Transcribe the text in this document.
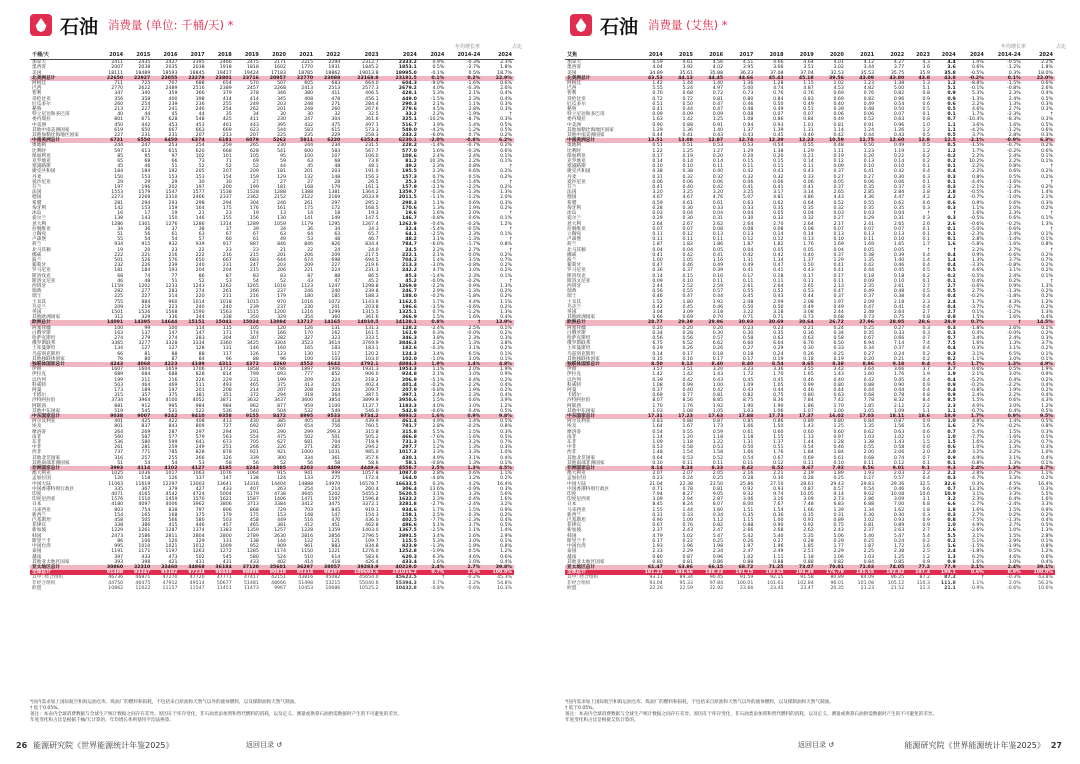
石油 消费量 (单位: 千桶/天) *
年均增长率	占比
千桶/天	2014	2015	2016	2017	2018	2019	2020	2021	2022	2023	2024	2024	2014-24	2024
加拿大	2411	2435	2427	2395	2466	2475	2171	2215	2294	2312.7	2333.2	0.9%	-0.3%	2.3%
墨西哥	2007	2038	2035	2038	1918	1818	1602	1770	1931	1845.2	1853.1	0.5%	-2.7%	1.8%
美国	18111	18489	18593	18845	19417	19424	17183	18785	18862	19013.8	18995.0	-0.1%	0.5%	18.7%
北美洲总计	22650	22927	23055	23278	23801	23716	20957	22770	23088	23168.8	23181.5	0.1%	0.2%	22.9%
阿根廷	711	725	707	688	654	570	507	605	683	664.0	604.3	-9.0%	-1.6%	0.6%
巴西	2770	2622	2489	2516	2389	2457	2268	2413	2513	2577.3	2679.2	4.0%	-0.3%	2.6%
智利	347	340	359	366	379	378	346	380	411	406.5	428.1	5.3%	2.1%	0.4%
哥伦比亚	356	358	400	398	414	414	345	408	478	456.1	449.0	-1.5%	2.3%	0.4%
厄瓜多尔	260	254	239	236	255	249	203	248	271	284.4	290.3	2.1%	1.1%	0.3%
秘鲁	213	227	241	246	254	262	201	248	260	267.6	279.6	4.5%	2.8%	0.3%
特立尼达和多巴哥	40	44	45	44	35	34	30	30	32	32.5	33.2	2.2%	-1.9%	†
委内瑞拉	801	671	628	548	425	411	230	247	304	361.6	325.1	-10.2%	-8.7%	0.3%
中美洲	450	442	453	453	461	443	395	432	475	497.1	516.7	3.9%	1.4%	0.5%
其他中南美洲国家	619	650	667	663	669	623	544	583	615	573.3	549.0	-4.2%	-1.2%	0.5%
其他加勒比海地区国家	227	231	231	207	213	207	225	235	229	258.3	243.2	-6.0%	0.7%	0.2%
中南美洲总计	6731	6550	6450	6374	6181	6079	5262	5811	6220	6353.4	6230.1	-2.0%	-0.8%	6.2%
奥地利	244	247	253	254	259	265	230	244	234	231.5	228.2	-1.4%	-0.7%	0.2%
比利时	597	613	615	620	668	628	541	600	583	567.7	577.0	1.6%	-0.3%	0.6%
保加利亚	85	95	97	102	101	105	95	100	107	106.0	108.6	2.4%	2.4%	0.1%
克罗地亚	65	68	66	73	71	69	59	63	68	73.6	81.2	10.3%	2.2%	0.1%
塞浦路斯	45	46	51	52	52	52	44	45	48	48.1	49.2	2.3%	0.8%	†
捷克共和国	184	184	192	205	207	209	181	201	203	191.0	195.5	2.3%	0.6%	0.2%
丹麦	150	153	153	153	154	159	129	132	148	156.3	157.3	0.7%	0.5%	0.2%
爱沙尼亚	29	29	29	30	30	27	27	27	28	26.5	25.3	-4.5%	-1.4%	†
芬兰	197	196	202	197	200	199	181	168	179	161.3	157.9	-2.1%	-2.2%	0.2%
法国	1553	1579	1547	1577	1538	1528	1288	1388	1381	1364.2	1359.7	-0.3%	-1.3%	1.3%
德国	2273	2269	2310	2466	2337	2362	2152	2122	2169	2033.9	2011.5	-1.1%	-1.2%	2.0%
希腊	281	294	293	298	294	304	246	261	297	295.2	298.3	1.1%	0.6%	0.3%
匈牙利	142	153	159	164	175	176	161	175	172	168.5	170.6	1.3%	1.9%	0.2%
冰岛	16	17	19	21	23	19	13	14	18	19.3	19.6	1.6%	2.0%	†
爱尔兰	138	143	150	146	155	156	130	141	149	147.5	146.7	-0.8%	0.6%	0.1%
意大利	1286	1301	1276	1286	1314	1289	1059	1179	1295	1267.4	1262.9	-0.4%	-0.2%	1.2%
拉脱维亚	34	36	37	38	37	39	34	36	34	34.3	32.4	-5.4%	-0.5%	†
立陶宛	51	56	61	63	67	67	63	64	63	65.7	64.1	-2.5%	2.3%	0.1%
卢森堡	55	54	54	57	60	61	49	53	48	46.7	48.2	3.1%	-1.3%	†
荷兰	934	915	932	939	917	887	846	846	826	834.4	784.7	-6.0%	-1.7%	0.8%
北马其顿	19	20	23	22	23	23	21	22	24	24.0	24.5	2.2%	2.7%	†
挪威	222	221	216	222	216	215	201	206	209	217.5	222.1	2.1%	0.0%	0.2%
波兰	501	526	576	650	667	683	644	674	698	694.5	704.2	1.4%	3.5%	0.7%
葡萄牙	232	226	239	240	231	247	203	209	227	219.6	213.3	-3.0%	-0.8%	0.2%
罗马尼亚	181	184	193	204	204	215	206	221	224	231.3	242.2	4.7%	3.0%	0.2%
斯洛伐克	68	74	77	86	87	83	83	87	88	86.5	85.3	-1.4%	2.3%	0.1%
斯洛文尼亚	46	48	51	52	53	54	52	43	47	45.2	45.2	-0.0%	-0.2%	†
西班牙	1159	1202	1233	1243	1262	1265	1016	1123	1247	1298.8	1269.9	-2.2%	0.9%	1.3%
瑞典	282	277	283	274	261	266	237	246	240	239.8	246.7	2.9%	-1.3%	0.2%
瑞士	225	227	214	220	211	216	179	180	185	188.3	188.0	-0.2%	-1.8%	0.2%
土耳其	755	884	960	1014	1018	1015	970	1016	1072	1143.6	1162.5	1.7%	4.4%	1.1%
乌克兰	209	219	223	240	240	239	237	230	201	203.8	196.6	-3.5%	-0.6%	0.2%
英国	1501	1526	1568	1590	1563	1515	1200	1216	1299	1315.5	1325.1	0.7%	-1.2%	1.3%
其他欧洲国家	312	329	336	344	338	350	329	354	360	361.6	366.9	1.5%	1.6%	0.4%
欧洲总计	14091	14395	14644	15151	15041	15024	13084	13717	14165	14010.5	14128.1	0.8%	†	13.9%
阿塞拜疆	100	99	100	114	115	105	120	126	131	131.3	128.2	-2.4%	2.5%	0.1%
白俄罗斯	163	137	147	147	171	174	166	170	162	161.5	161.9	0.3%	-0.0%	0.2%
哈萨克斯坦	274	279	274	283	304	307	282	327	323	333.5	346.3	3.8%	2.3%	0.3%
俄罗斯联邦	3365	3277	3328	3334	3360	3425	3304	3523	3614	3769.9	3846.3	2.2%	1.3%	3.8%
土库曼斯坦	134	127	127	128	131	146	160	165	183	183.1	182.6	-0.3%	3.1%	0.2%
乌兹别克斯坦	66	81	88	88	117	126	123	130	117	120.2	124.3	3.4%	6.5%	0.1%
其他独联体国家	76	80	87	84	96	88	96	100	103	103.0	102.0	-1.0%	3.0%	0.1%
独联体国家总计	4243	4068	4223	4189	4311	4372	4260	4552	4642	4792.1	4884.3	1.9%	1.4%	4.8%
伊朗	1607	1604	1659	1706	1772	1858	1786	1897	1906	1931.3	1953.3	1.1%	2.0%	1.9%
伊拉克	689	684	688	828	814	799	693	777	852	906.0	924.8	2.1%	3.0%	0.9%
以色列	199	211	216	226	229	231	199	209	224	218.2	206.9	-5.1%	0.4%	0.2%
科威特	503	464	469	511	493	465	375	413	425	402.4	401.4	-0.2%	-2.2%	0.4%
阿曼	173	189	197	201	208	214	207	208	204	209.7	207.9	-0.8%	1.9%	0.2%
卡塔尔	315	357	375	381	351	372	294	318	364	387.5	397.1	2.4%	2.3%	0.4%
沙特阿拉伯	3734	3964	4100	4052	3871	3632	3437	3600	3854	3899.9	3958.6	1.5%	0.6%	3.9%
阿联酋	881	912	995	984	984	962	877	959	1100	1137.7	1183.3	4.0%	3.0%	1.2%
其他中东国家	519	545	531	522	536	540	504	532	549	546.0	542.8	-0.6%	0.4%	0.5%
中东国家总计	9038	9007	9242	9410	9358	9155	8472	8995	9533	9734.2	9893.2	1.6%	0.9%	9.8%
阿尔及利亚	401	425	422	408	413	430	385	405	418	439.9	461.4	4.9%	1.4%	0.5%
埃及	801	837	843	809	727	692	607	654	756	760.5	781.7	2.8%	-0.2%	0.8%
摩洛哥	264	269	287	297	294	291	290	299	299.3	315.8	315.8	5.5%	1.5%	0.3%
南非	560	587	577	579	563	554	475	502	501	505.2	466.8	-7.6%	-1.6%	0.5%
东非	536	580	599	641	673	705	627	681	704	718.9	731.3	1.7%	3.2%	0.7%
中非	261	281	259	249	251	266	226	271	285	294.2	297.7	1.2%	1.3%	0.3%
西非	737	771	785	828	878	921	921	1000	1031	985.0	1017.3	3.3%	3.3%	1.0%
其他北非国家	316	257	255	266	326	339	300	334	361	357.6	430.1	4.9%	3.1%	0.4%
其他南部非洲国家	51	54	54	53	58	56	52	56	58	58.6	58.1	-0.8%	1.3%	0.1%
非洲国家总计	3993	4114	4102	4127	4185	4243	3885	4203	4409	4449.6	4558.7	2.5%	1.3%	4.5%
澳大利亚	1025	1036	1017	1063	1076	1064	915	941	999	1057.8	1087.0	2.8%	0.6%	1.1%
孟加拉国	120	118	126	137	147	138	124	133	275	172.4	164.0	-4.8%	3.2%	0.2%
中国大陆	11063	11619	12297	13003	13641	14316	14404	14888	14970	16578.7	16633.5	0.3%	4.2%	16.4%
中国香港特别行政区	335	367	379	427	433	407	263	254	214	260.4	306.4	13.6%	-0.9%	0.3%
印度	4071	4165	4542	4724	5004	5179	4738	4645	5202	5455.2	5620.5	3.1%	3.3%	5.6%
印度尼西亚	1576	1510	1459	1570	1621	1587	1406	1471	1597	1596.8	1633.2	2.3%	0.4%	1.6%
日本	4180	4097	4006	3962	3806	3713	3384	3412	3475	3372.1	3281.8	-2.7%	-2.4%	3.2%
马来西亚	803	754	838	797	806	868	729	703	845	919.1	934.6	1.7%	1.5%	0.9%
新西兰	154	165	168	175	179	175	153	148	147	154.3	158.1	2.5%	0.3%	0.2%
巴基斯坦	458	505	566	580	503	458	449	516	470	436.0	402.5	-7.7%	-1.3%	0.4%
菲律宾	338	386	415	446	457	465	381	412	451	462.8	486.6	5.1%	3.7%	0.5%
新加坡	1229	1261	1287	1374	1383	1359	1257	1228	1359	1403.0	1367.5	-2.5%	1.1%	1.4%
韩国	2473	2586	2811	2804	2800	2789	2630	2816	2856	2796.5	2891.5	3.4%	1.6%	2.9%
斯里兰卡	86	106	120	129	131	138	144	122	121	109.7	115.5	5.3%	3.0%	0.1%
中国台湾	995	1010	1021	1012	1009	952	909	961	883	834.8	823.9	-1.3%	-1.9%	0.8%
泰国	1191	1171	1197	1263	1272	1285	1174	1150	1221	1276.0	1252.8	-1.9%	0.5%	1.2%
越南	397	433	473	502	545	580	524	510	614	583.6	620.3	6.3%	4.6%	0.6%
其他亚太地区国家	393	398	421	431	431	433	402	414	418	426.4	433.4	1.6%	1.0%	0.4%
亚太地区总计	30860	32310	33460	34868	36184	37120	35601	36297	38057	39283.9	40219.0	2.4%	2.7%	39.8%
全球总计	91488	93347	95182	97234	98449	98898	90818	95314	98297	100694.6	101016.2	0.7%	1.0%	100.0%
其中: 经合组织	46736	46871	47270	47720	47771	47417	42151	43816	45082	45654.0	45622.5	†	-0.2%	45.3%
非经合组织	44750	46475	47912	49514	50677	51481	48666	51498	53215	55040.6	55394.3	0.7%	2.2%	54.8%
欧盟	10862	11022	11157	11547	11451	11473	9967	10453	10686	10525.2	10432.8	-0.8%	-0.6%	10.3%
*国内需求加上国际航空和海运油仓库、炼油厂的燃料和损耗，不包括来自原油和天然气以外的液体燃料，以及煤制油和天然气制油。
† 低于0.05%。
备注：本表内全球消费数据与全球生产统计数据之间存在差异。原因在于库存变化，非石油类添加剂和替代燃料的消耗，以及定义、测量或换算石油供需数据时产生的不可避免的差异。
年度变化和占比是根据千桶/天计算的，年均增长率则使用平均法换算。
26 能源研究院《世界能源统计年鉴2025》	返回目录 ↺
石油 消费量 (艾焦) *
年均增长率	占比
艾焦	2014	2015	2016	2017	2018	2019	2020	2021	2022	2023	2024	2024	2014-24	2024
加拿大	4.59	4.61	4.56	4.51	4.66	4.64	4.01	4.12	4.27	4.3	4.4	1.0%	-0.5%	2.2%
墨西哥	4.04	3.92	4.02	3.95	3.66	3.51	3.02	3.44	3.77	3.6	3.6	0.6%	-1.2%	1.8%
美国	34.89	35.61	35.88	36.23	37.08	37.04	32.53	35.53	35.75	35.9	35.8	-0.5%	0.3%	18.0%
北美洲总计	43.53	44.13	44.45	44.66	45.43	45.18	39.56	43.09	43.80	43.8	43.8	-0.2%	0.1%	22.0%
阿根廷	1.42	1.44	1.40	1.36	1.28	1.15	1.02	1.23	1.38	1.3	1.2	-8.8%	-1.5%	0.6%
巴西	5.55	5.24	4.97	5.00	4.74	4.87	4.53	4.82	5.00	5.1	5.1	-0.1%	-0.8%	2.6%
智利	0.70	0.68	0.72	0.73	0.76	0.76	0.69	0.76	0.82	0.8	0.9	5.3%	2.3%	0.4%
哥伦比亚	0.72	0.72	0.81	0.80	0.84	0.83	0.69	0.82	0.96	0.9	0.9	-1.3%	2.4%	0.5%
厄瓜多尔	0.51	0.50	0.47	0.46	0.50	0.49	0.40	0.49	0.54	0.6	0.6	2.2%	1.3%	0.3%
秘鲁	0.41	0.44	0.47	0.48	0.49	0.51	0.39	0.48	0.50	0.5	0.5	4.6%	2.7%	0.3%
特立尼达和多巴哥	0.09	0.09	0.09	0.08	0.07	0.07	0.06	0.06	0.07	0.1	0.1	1.7%	-2.3%	†
委内瑞拉	1.63	1.42	1.25	1.08	0.86	0.84	0.49	0.52	0.63	0.8	0.7	-10.4%	-8.3%	0.3%
中美洲	0.90	0.88	0.91	0.94	0.93	1.01	0.81	0.91	0.96	1.0	1.1	3.6%	1.6%	0.5%
其他加勒比海地区国家	1.29	1.36	1.40	1.37	1.39	1.31	1.14	1.24	1.26	1.2	1.1	-4.2%	-1.2%	0.6%
其他中南美洲国家	0.44	0.41	0.43	0.43	0.45	0.46	0.42	0.44	0.43	0.5	0.5	3.7%	2.8%	0.3%
中南美洲总计	13.51	13.08	12.87	12.74	12.39	12.23	10.59	11.75	12.60	12.8	12.5	-2.1%	-0.9%	6.3%
奥地利	0.51	0.51	0.53	0.53	0.54	0.55	0.48	0.50	0.49	0.5	0.5	-1.5%	-0.7%	0.2%
比利时	1.22	1.25	1.27	1.29	1.38	1.29	1.11	1.23	1.19	1.2	1.2	1.7%	-0.2%	0.6%
保加利亚	0.17	0.19	0.20	0.20	0.20	0.21	0.19	0.20	0.22	0.2	0.2	2.2%	2.4%	0.1%
克罗地亚	0.14	0.14	0.14	0.15	0.15	0.14	0.12	0.13	0.14	0.2	0.2	10.2%	2.2%	0.1%
塞浦路斯	0.10	0.10	0.11	0.11	0.11	0.11	0.09	0.10	0.10	0.1	0.1	2.2%	0.8%	†
捷克共和国	0.38	0.38	0.40	0.42	0.43	0.43	0.37	0.41	0.42	0.4	0.4	2.2%	0.6%	0.2%
丹麦	0.31	0.32	0.32	0.32	0.32	0.33	0.27	0.27	0.30	0.3	0.3	0.8%	0.5%	0.2%
爱沙尼亚	0.06	0.06	0.06	0.06	0.06	0.06	0.05	0.06	0.06	0.1	0.1	-4.4%	-1.6%	†
芬兰	0.41	0.40	0.42	0.41	0.41	0.41	0.37	0.35	0.37	0.3	0.3	-2.1%	-2.3%	0.2%
法国	3.20	3.25	3.20	3.25	3.17	3.14	2.65	2.85	2.84	2.8	2.8	-0.5%	-1.4%	1.4%
德国	4.67	4.67	4.76	5.07	4.81	4.86	4.43	4.36	4.47	4.2	4.2	-0.7%	-1.0%	2.1%
希腊	0.59	0.61	0.61	0.63	0.62	0.64	0.52	0.55	0.62	0.6	0.6	0.9%	0.6%	0.3%
匈牙利	0.28	0.30	0.33	0.33	0.35	0.35	0.32	0.35	0.35	0.3	0.3	1.1%	2.0%	0.2%
冰岛	0.03	0.04	0.04	0.04	0.05	0.04	0.03	0.03	0.04	†	†	1.6%	2.3%	†
爱尔兰	0.29	0.30	0.31	0.30	0.32	0.32	0.27	0.29	0.31	0.3	0.3	-0.5%	0.6%	0.1%
意大利	2.64	2.67	2.62	2.64	2.70	2.64	2.17	2.41	2.65	2.6	2.6	-0.6%	-0.2%	1.3%
拉脱维亚	0.07	0.07	0.08	0.08	0.08	0.08	0.07	0.07	0.07	0.1	0.1	-5.0%	-0.6%	†
立陶宛	0.11	0.12	0.13	0.13	0.14	0.14	0.13	0.13	0.13	0.1	0.1	-2.3%	2.4%	0.1%
卢森堡	0.11	0.11	0.11	0.12	0.12	0.13	0.10	0.11	0.10	0.1	0.1	2.8%	-1.4%	0.1%
荷兰	1.87	1.82	1.86	1.87	1.82	1.76	1.69	1.69	1.65	1.7	1.6	-5.8%	-1.6%	0.8%
北马其顿	0.04	0.04	0.05	0.04	0.05	0.05	0.04	0.05	0.05	†	†	2.2%	2.7%	†
挪威	0.41	0.42	0.41	0.42	0.42	0.40	0.37	0.38	0.39	0.4	0.4	0.9%	-0.6%	0.2%
波兰	1.00	1.05	1.16	1.31	1.34	1.37	1.29	1.35	1.40	1.4	1.4	1.3%	3.7%	0.7%
葡萄牙	0.47	0.46	0.49	0.49	0.47	0.50	0.41	0.42	0.46	0.4	0.4	-3.3%	-0.8%	0.2%
罗马尼亚	0.36	0.37	0.39	0.41	0.41	0.43	0.41	0.44	0.45	0.5	0.5	4.6%	3.1%	0.2%
斯洛伐克	0.14	0.15	0.16	0.17	0.18	0.17	0.17	0.18	0.18	0.2	0.2	-0.5%	2.4%	0.1%
斯洛文尼亚	0.09	0.10	0.11	0.11	0.11	0.11	0.11	0.09	0.10	0.1	0.1	0.4%	0.2%	†
西班牙	2.44	2.52	2.59	2.61	2.64	2.65	2.13	2.35	2.61	2.7	2.7	-0.6%	0.9%	1.3%
瑞典	0.56	0.55	0.57	0.55	0.52	0.53	0.47	0.49	0.48	0.5	0.5	2.7%	-1.3%	0.2%
瑞士	0.46	0.47	0.44	0.45	0.43	0.44	0.37	0.37	0.38	0.4	0.4	-0.2%	-1.8%	0.2%
土耳其	1.52	1.80	1.92	2.08	2.09	2.08	1.97	2.09	2.18	2.3	2.4	1.7%	4.3%	1.2%
乌克兰	0.42	0.45	0.46	0.50	0.50	0.49	0.49	0.47	0.41	0.4	0.4	-3.7%	-0.7%	0.2%
英国	3.04	3.09	3.18	3.22	3.18	3.08	2.44	2.48	2.64	2.7	2.7	0.1%	-1.2%	1.3%
其他欧洲国家	0.66	0.69	0.70	0.71	0.71	0.73	0.68	0.73	0.75	0.8	0.8	1.5%	1.6%	0.4%
欧洲总计	28.77	29.39	29.96	30.93	30.69	30.64	26.72	27.96	28.95	28.6	28.9	0.7%	†	14.5%
阿塞拜疆	0.20	0.20	0.20	0.23	0.23	0.21	0.24	0.25	0.27	0.3	0.3	-1.8%	2.6%	0.1%
白俄罗斯	0.34	0.28	0.30	0.30	0.35	0.36	0.34	0.35	0.33	0.3	0.3	0.4%	-0.0%	0.2%
哈萨克斯坦	0.56	0.56	0.57	0.58	0.62	0.63	0.58	0.67	0.66	0.7	0.7	3.4%	2.4%	0.3%
俄罗斯联邦	6.75	6.52	6.62	6.60	6.64	6.76	6.50	6.94	7.14	7.4	7.5	1.6%	1.3%	3.7%
土库曼斯坦	0.29	0.26	0.26	0.27	0.29	0.30	0.33	0.34	0.37	0.4	0.4	0.3%	3.1%	0.2%
乌兹别克斯坦	0.14	0.17	0.18	0.18	0.24	0.26	0.25	0.27	0.24	0.2	0.3	3.1%	6.5%	0.1%
其他独联体国家	0.15	0.16	0.17	0.17	0.19	0.18	0.19	0.20	0.21	0.2	0.2	-1.1%	3.0%	0.1%
独联体国家总计	8.50	8.13	8.40	8.40	8.54	8.65	8.38	8.96	9.18	9.4	9.5	1.7%	1.3%	4.9%
伊朗	3.57	3.51	3.20	3.23	3.36	3.55	3.42	3.64	3.66	3.7	3.7	0.6%	0.5%	1.9%
伊拉克	1.42	1.42	1.43	1.72	1.70	1.65	1.43	1.60	1.76	1.9	1.9	2.1%	3.0%	0.9%
以色列	0.39	0.42	0.43	0.45	0.45	0.46	0.40	0.42	0.45	0.4	0.4	-5.2%	0.4%	0.2%
科威特	1.08	0.99	1.00	1.09	1.05	0.99	0.80	0.88	0.90	0.9	0.9	-0.2%	-2.2%	0.4%
阿曼	0.37	0.40	0.42	0.43	0.44	0.46	0.44	0.44	0.44	0.4	0.4	-0.8%	1.9%	0.2%
卡塔尔	0.69	0.77	0.81	0.82	0.75	0.80	0.63	0.68	0.78	0.8	0.9	2.4%	2.2%	0.4%
沙特阿拉伯	8.07	8.56	8.85	8.75	8.36	7.84	7.42	7.78	8.32	8.4	8.5	1.5%	0.6%	4.3%
阿联酋	1.70	1.76	1.92	1.90	1.90	1.86	1.70	1.85	2.12	2.2	2.3	4.0%	3.0%	1.2%
其他中东国家	1.03	1.08	1.05	1.03	1.06	1.07	1.00	1.05	1.09	1.1	1.1	-0.7%	0.4%	0.5%
中东国家总计	17.31	17.23	17.63	17.88	17.73	17.37	16.02	17.03	18.11	18.6	18.9	1.7%	0.9%	9.5%
阿尔及利亚	0.83	0.88	0.87	0.85	0.86	0.89	0.80	0.84	0.87	0.9	1.0	4.8%	1.4%	0.5%
埃及	1.64	1.67	1.73	1.66	1.50	1.43	1.25	1.35	1.56	1.6	1.6	2.7%	-0.2%	0.8%
摩洛哥	0.54	0.55	0.59	0.61	0.60	0.60	0.60	0.62	0.63	0.6	0.7	5.4%	1.5%	0.3%
南非	1.14	1.20	1.18	1.18	1.15	1.13	0.97	1.03	1.02	1.0	1.0	-7.7%	-1.6%	0.5%
东非	1.09	1.18	1.22	1.31	1.37	1.44	1.28	1.38	1.43	1.5	1.5	1.6%	3.2%	0.7%
中非	0.53	0.58	0.53	0.50	0.51	0.54	0.46	0.55	0.58	0.6	0.6	1.0%	1.3%	0.3%
西非	1.48	1.54	1.58	1.66	1.76	1.84	1.84	2.00	2.06	2.0	2.0	3.2%	3.2%	1.0%
其他北非国家	0.64	0.53	0.52	0.54	0.67	0.69	0.61	0.68	0.74	0.7	0.9	4.9%	3.1%	0.4%
其他南部非洲国家	0.10	0.11	0.11	0.11	0.12	0.11	0.10	0.11	0.12	0.1	0.1	-0.8%	1.3%	0.1%
非洲国家总计	8.14	8.34	8.33	8.42	8.52	8.67	7.92	8.56	9.01	9.1	9.3	2.4%	1.3%	4.7%
澳大利亚	2.07	2.07	2.05	2.16	2.21	2.19	1.89	1.93	2.03	2.2	2.2	2.8%	0.7%	1.1%
孟加拉国	0.23	0.24	0.25	0.28	0.30	0.28	0.25	0.27	0.57	0.4	0.3	-4.7%	3.3%	0.2%
中国大陆	21.04	22.38	23.50	25.86	27.10	28.61	29.43	29.83	29.36	32.5	32.6	0.3%	4.5%	16.4%
中国香港特别行政区	0.71	0.78	0.81	0.92	0.93	0.87	0.57	0.54	0.46	0.6	0.7	13.3%	-0.9%	0.3%
印度	7.94	8.27	9.05	9.32	9.74	10.05	9.14	9.02	10.08	10.6	10.9	3.1%	3.3%	5.5%
印度尼西亚	3.09	2.94	2.87	3.06	3.16	3.09	2.73	2.86	3.09	3.1	3.2	2.3%	0.4%	1.6%
日本	8.45	8.24	8.07	8.00	7.67	7.48	6.83	6.88	7.00	6.8	6.6	-2.7%	-2.4%	3.3%
马来西亚	1.55	1.44	1.60	1.51	1.54	1.66	1.39	1.34	1.62	1.8	1.8	1.6%	1.5%	0.9%
新西兰	0.31	0.33	0.34	0.35	0.36	0.35	0.31	0.30	0.30	0.3	0.3	2.7%	0.2%	0.2%
巴基斯坦	0.90	1.00	1.12	1.15	1.00	0.91	0.89	1.02	0.93	0.9	0.8	-7.5%	-1.3%	0.4%
菲律宾	0.67	0.76	0.82	0.88	0.90	0.92	0.75	0.81	0.89	0.9	1.0	4.9%	3.7%	0.5%
新加坡	2.37	2.43	2.47	2.66	2.68	2.62	2.43	2.37	2.63	2.7	2.6	-2.6%	1.0%	1.3%
韩国	4.79	5.02	5.47	5.42	5.40	5.35	5.06	5.40	5.47	5.4	5.5	3.1%	1.5%	2.8%
斯里兰卡	0.17	0.22	0.25	0.26	0.27	0.28	0.29	0.25	0.24	0.2	0.2	5.1%	2.9%	0.1%
中国台湾	1.93	1.96	1.98	1.97	1.96	1.85	1.77	1.87	1.72	1.6	1.6	-1.5%	-1.9%	0.8%
泰国	2.33	2.29	2.34	2.47	2.49	2.51	2.29	2.25	2.38	2.5	2.4	-1.8%	0.5%	1.2%
越南	0.80	0.87	0.96	1.02	1.11	1.18	1.06	1.03	1.25	1.2	1.3	6.2%	4.6%	0.6%
其他亚太地区国家	0.80	0.81	0.86	0.88	0.88	0.88	0.82	0.84	0.85	0.9	0.9	1.6%	1.0%	0.4%
亚太地区总计	61.47	63.86	66.15	68.72	71.25	73.07	70.01	71.03	74.05	77.2	77.9	2.1%	2.4%	39.1%
全球总计	181.21	184.66	188.33	191.15	193.65	194.39	176.79	185.65	192.82	197.4	199.1	0.6%	0.9%	100.0%
其中: 经合组织	93.11	89.34	90.45	91.59	92.15	91.58	80.89	84.09	86.25	87.2	87.2	†	-0.3%	43.8%
非经合组织	93.04	95.33	97.84	100.01	101.63	102.84	96.01	101.08	105.12	110.3	111.8	1.1%	2.0%	56.2%
欧盟	22.26	22.59	22.92	23.66	23.45	23.47	20.35	21.23	21.52	21.3	21.1	-0.9%	-0.6%	10.6%
*国内需求加上国际航空和海运油仓库、炼油厂的燃料和损耗，不包括来自原油和天然气以外的液体燃料，以及煤制油和天然气制油。
† 低于0.05%。
备注：本表内全球消费数据与全球生产统计数据之间存在差异。原因在于库存变化，非石油类添加剂和替代燃料的消耗，以及定义、测量或换算石油供需数据时产生的不可避免的差异。
年度变化和占比是根据艾焦计算的。
返回目录 ↺	能源研究院《世界能源统计年鉴2025》 27
